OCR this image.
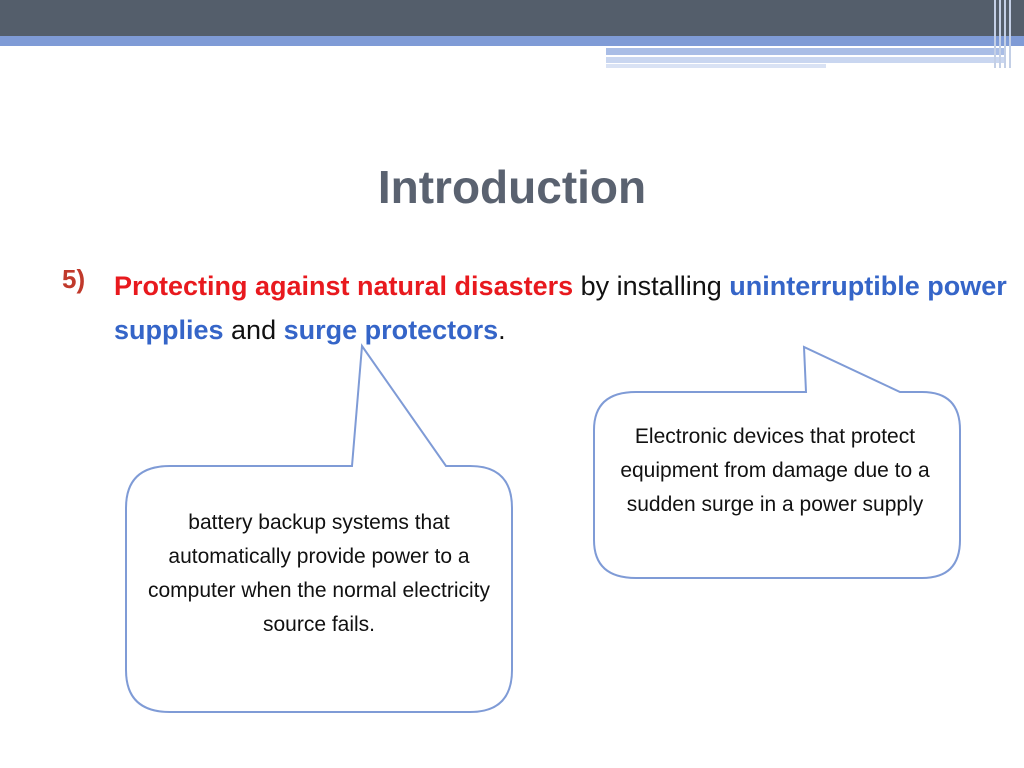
Introduction
5) Protecting against natural disasters by installing uninterruptible power supplies and surge protectors.
battery backup systems that automatically provide power to a computer when the normal electricity source fails.
Electronic devices that protect equipment from damage due to a sudden surge in a power supply
